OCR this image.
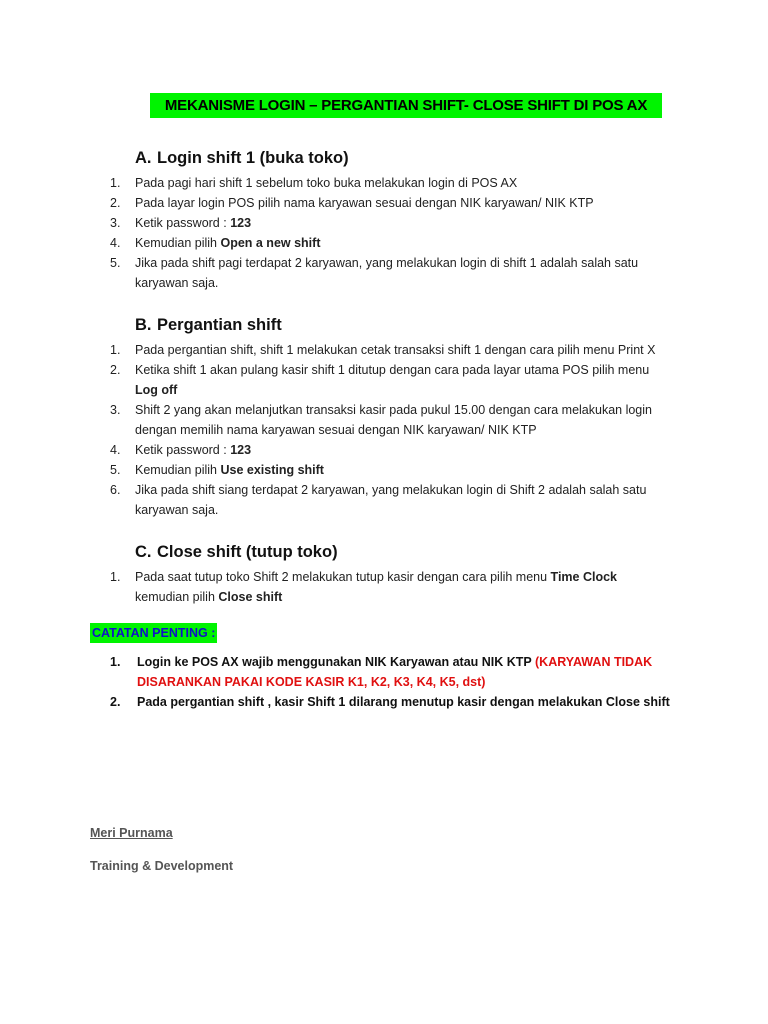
MEKANISME LOGIN – PERGANTIAN SHIFT- CLOSE SHIFT DI POS AX
A. Login shift 1 (buka toko)
1. Pada pagi hari shift 1 sebelum toko buka melakukan login di POS AX
2. Pada layar login POS pilih nama karyawan sesuai dengan NIK karyawan/ NIK KTP
3. Ketik password : 123
4. Kemudian pilih Open a new shift
5. Jika pada shift pagi terdapat 2 karyawan, yang melakukan login di shift 1 adalah salah satu karyawan saja.
B. Pergantian shift
1. Pada pergantian shift, shift 1 melakukan cetak transaksi shift 1 dengan cara pilih menu Print X
2. Ketika shift 1 akan pulang kasir shift 1 ditutup dengan cara pada layar utama POS pilih menu Log off
3. Shift 2 yang akan melanjutkan transaksi kasir pada pukul 15.00 dengan cara melakukan login dengan memilih nama karyawan sesuai dengan NIK karyawan/ NIK KTP
4. Ketik password : 123
5. Kemudian pilih Use existing shift
6. Jika pada shift siang terdapat 2 karyawan, yang melakukan login di Shift 2 adalah salah satu karyawan saja.
C. Close shift (tutup toko)
1. Pada saat tutup toko Shift 2 melakukan tutup kasir dengan cara pilih menu Time Clock kemudian pilih Close shift
CATATAN PENTING :
1. Login ke POS AX wajib menggunakan NIK Karyawan atau NIK KTP (KARYAWAN TIDAK DISARANKAN PAKAI KODE KASIR K1, K2, K3, K4, K5, dst)
2. Pada pergantian shift , kasir Shift 1 dilarang menutup kasir dengan melakukan Close shift
Meri Purnama
Training & Development
